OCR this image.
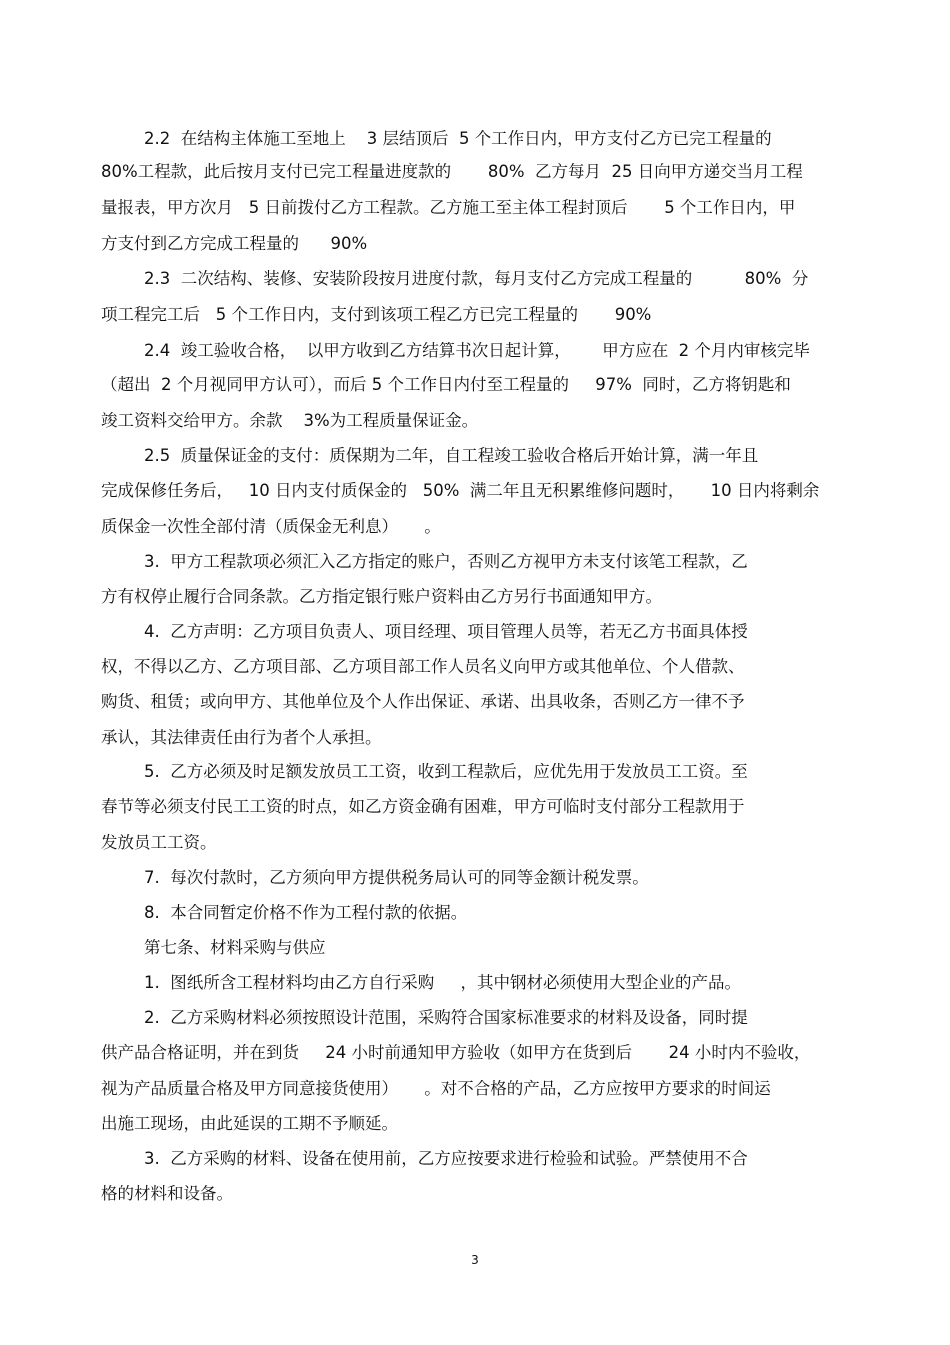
2.2  在结构主体施工至地上    3 层结顶后  5 个工作日内，甲方支付乙方已完工程量的
80%工程款，此后按月支付已完工程量进度款的       80%  乙方每月  25 日向甲方递交当月工程
量报表，甲方次月   5 日前拨付乙方工程款。乙方施工至主体工程封顶后       5 个工作日内，甲
方支付到乙方完成工程量的      90%
2.3  二次结构、装修、安装阶段按月进度付款，每月支付乙方完成工程量的          80%  分
项工程完工后   5 个工作日内，支付到该项工程乙方已完工程量的       90%
2.4  竣工验收合格，  以甲方收到乙方结算书次日起计算，      甲方应在  2 个月内审核完毕
（超出  2 个月视同甲方认可），而后 5 个工作日内付至工程量的     97%  同时，乙方将钥匙和
竣工资料交给甲方。余款    3%为工程质量保证金。
2.5  质量保证金的支付：质保期为二年，自工程竣工验收合格后开始计算，满一年且
完成保修任务后，   10 日内支付质保金的   50%  满二年且无积累维修问题时，     10 日内将剩余
质保金一次性全部付清（质保金无利息）     。
3.  甲方工程款项必须汇入乙方指定的账户，否则乙方视甲方未支付该笔工程款，乙
方有权停止履行合同条款。乙方指定银行账户资料由乙方另行书面通知甲方。
4.  乙方声明：乙方项目负责人、项目经理、项目管理人员等，若无乙方书面具体授
权，不得以乙方、乙方项目部、乙方项目部工作人员名义向甲方或其他单位、个人借款、
购货、租赁；或向甲方、其他单位及个人作出保证、承诺、出具收条，否则乙方一律不予
承认，其法律责任由行为者个人承担。
5.  乙方必须及时足额发放员工工资，收到工程款后，应优先用于发放员工工资。至
春节等必须支付民工工资的时点，如乙方资金确有困难，甲方可临时支付部分工程款用于
发放员工工资。
7.  每次付款时，乙方须向甲方提供税务局认可的同等金额计税发票。
8.  本合同暂定价格不作为工程付款的依据。
第七条、材料采购与供应
1.  图纸所含工程材料均由乙方自行采购     ，其中钢材必须使用大型企业的产品。
2.  乙方采购材料必须按照设计范围，采购符合国家标准要求的材料及设备，同时提
供产品合格证明，并在到货     24 小时前通知甲方验收（如甲方在货到后       24 小时内不验收，
视为产品质量合格及甲方同意接货使用）     。对不合格的产品，乙方应按甲方要求的时间运
出施工现场，由此延误的工期不予顺延。
3.  乙方采购的材料、设备在使用前，乙方应按要求进行检验和试验。严禁使用不合
格的材料和设备。
3
